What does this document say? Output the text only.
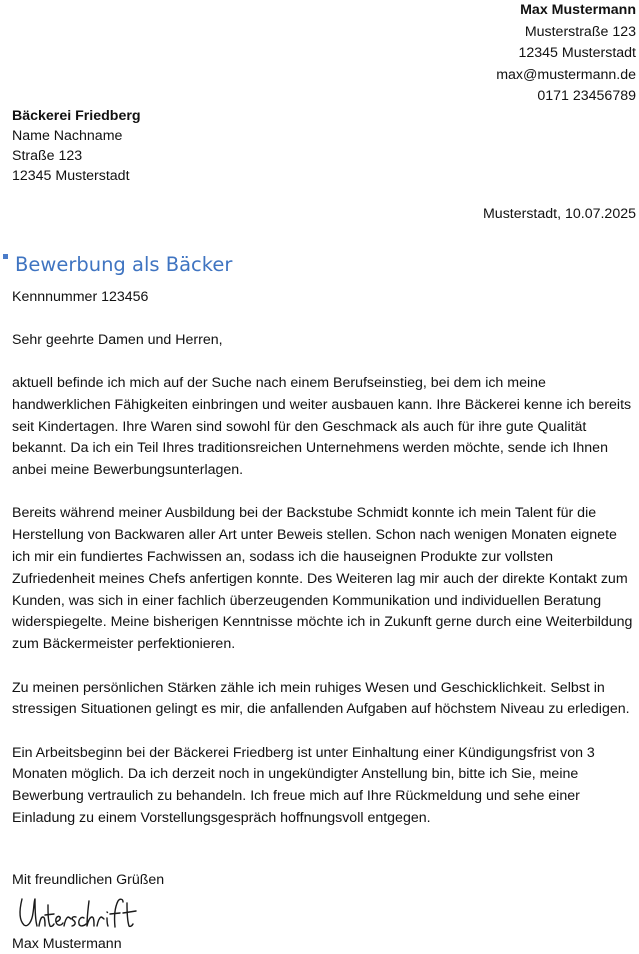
Max Mustermann
Musterstraße 123
12345 Musterstadt
max@mustermann.de
0171 23456789
Bäckerei Friedberg
Name Nachname
Straße 123
12345 Musterstadt
Musterstadt, 10.07.2025
Bewerbung als Bäcker
Kennnummer 123456
Sehr geehrte Damen und Herren,

aktuell befinde ich mich auf der Suche nach einem Berufseinstieg, bei dem ich meine handwerklichen Fähigkeiten einbringen und weiter ausbauen kann. Ihre Bäckerei kenne ich bereits seit Kindertagen. Ihre Waren sind sowohl für den Geschmack als auch für ihre gute Qualität bekannt. Da ich ein Teil Ihres traditionsreichen Unternehmens werden möchte, sende ich Ihnen anbei meine Bewerbungsunterlagen.

Bereits während meiner Ausbildung bei der Backstube Schmidt konnte ich mein Talent für die Herstellung von Backwaren aller Art unter Beweis stellen. Schon nach wenigen Monaten eignete ich mir ein fundiertes Fachwissen an, sodass ich die hauseignen Produkte zur vollsten Zufriedenheit meines Chefs anfertigen konnte. Des Weiteren lag mir auch der direkte Kontakt zum Kunden, was sich in einer fachlich überzeugenden Kommunikation und individuellen Beratung widerspiegelte. Meine bisherigen Kenntnisse möchte ich in Zukunft gerne durch eine Weiterbildung zum Bäckermeister perfektionieren.

Zu meinen persönlichen Stärken zähle ich mein ruhiges Wesen und Geschicklichkeit. Selbst in stressigen Situationen gelingt es mir, die anfallenden Aufgaben auf höchstem Niveau zu erledigen.

Ein Arbeitsbeginn bei der Bäckerei Friedberg ist unter Einhaltung einer Kündigungsfrist von 3 Monaten möglich. Da ich derzeit noch in ungekündigter Anstellung bin, bitte ich Sie, meine Bewerbung vertraulich zu behandeln. Ich freue mich auf Ihre Rückmeldung und sehe einer Einladung zu einem Vorstellungsgespräch hoffnungsvoll entgegen.

Mit freundlichen Grüßen
Max Mustermann
